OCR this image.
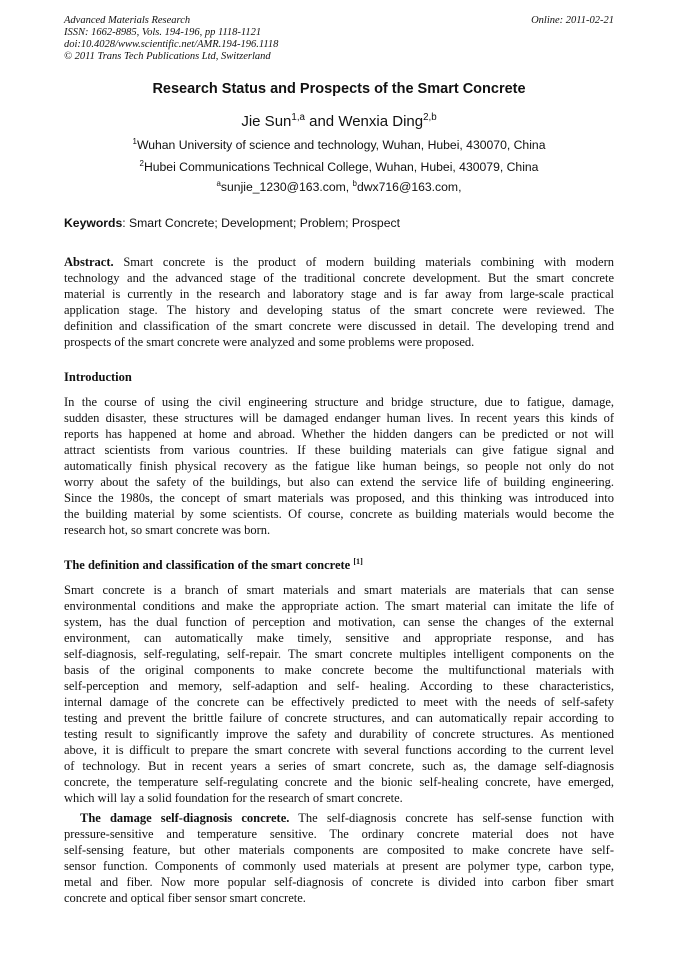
Advanced Materials Research
ISSN: 1662-8985, Vols. 194-196, pp 1118-1121
doi:10.4028/www.scientific.net/AMR.194-196.1118
© 2011 Trans Tech Publications Ltd, Switzerland
Online: 2011-02-21
Research Status and Prospects of the Smart Concrete
Jie Sun$^{1,a}$ and Wenxia Ding$^{2,b}$
$^1$Wuhan University of science and technology, Wuhan, Hubei, 430070, China
$^2$Hubei Communications Technical College, Wuhan, Hubei, 430079, China
$^a$sunjie_1230@163.com, $^b$dwx716@163.com,
Keywords: Smart Concrete; Development; Problem; Prospect
Abstract. Smart concrete is the product of modern building materials combining with modern
technology and the advanced stage of the traditional concrete development. But the smart concrete
material is currently in the research and laboratory stage and is far away from large-scale practical
application stage. The history and developing status of the smart concrete were reviewed. The
definition and classification of the smart concrete were discussed in detail. The developing trend and
prospects of the smart concrete were analyzed and some problems were proposed.
Introduction
In the course of using the civil engineering structure and bridge structure, due to fatigue, damage,
sudden disaster, these structures will be damaged endanger human lives. In recent years this kinds of
reports has happened at home and abroad. Whether the hidden dangers can be predicted or not will
attract scientists from various countries. If these building materials can give fatigue signal and
automatically finish physical recovery as the fatigue like human beings, so people not only do not
worry about the safety of the buildings, but also can extend the service life of building engineering.
Since the 1980s, the concept of smart materials was proposed, and this thinking was introduced into
the building material by some scientists. Of course, concrete as building materials would become the
research hot, so smart concrete was born.
The definition and classification of the smart concrete [1]
Smart concrete is a branch of smart materials and smart materials are materials that can sense
environmental conditions and make the appropriate action. The smart material can imitate the life of
system, has the dual function of perception and motivation, can sense the changes of the external
environment, can automatically make timely, sensitive and appropriate response, and has
self-diagnosis, self-regulating, self-repair. The smart concrete multiples intelligent components on the
basis of the original components to make concrete become the multifunctional materials with
self-perception and memory, self-adaption and self- healing. According to these characteristics,
internal damage of the concrete can be effectively predicted to meet with the needs of self-safety
testing and prevent the brittle failure of concrete structures, and can automatically repair according to
testing result to significantly improve the safety and durability of concrete structures. As mentioned
above, it is difficult to prepare the smart concrete with several functions according to the current level
of technology. But in recent years a series of smart concrete, such as, the damage self-diagnosis
concrete, the temperature self-regulating concrete and the bionic self-healing concrete, have emerged,
which will lay a solid foundation for the research of smart concrete.
The damage self-diagnosis concrete. The self-diagnosis concrete has self-sense function with
pressure-sensitive and temperature sensitive. The ordinary concrete material does not have
self-sensing feature, but other materials components are composited to make concrete have self-
sensor function. Components of commonly used materials at present are polymer type, carbon type,
metal and fiber. Now more popular self-diagnosis of concrete is divided into carbon fiber smart
concrete and optical fiber sensor smart concrete.
